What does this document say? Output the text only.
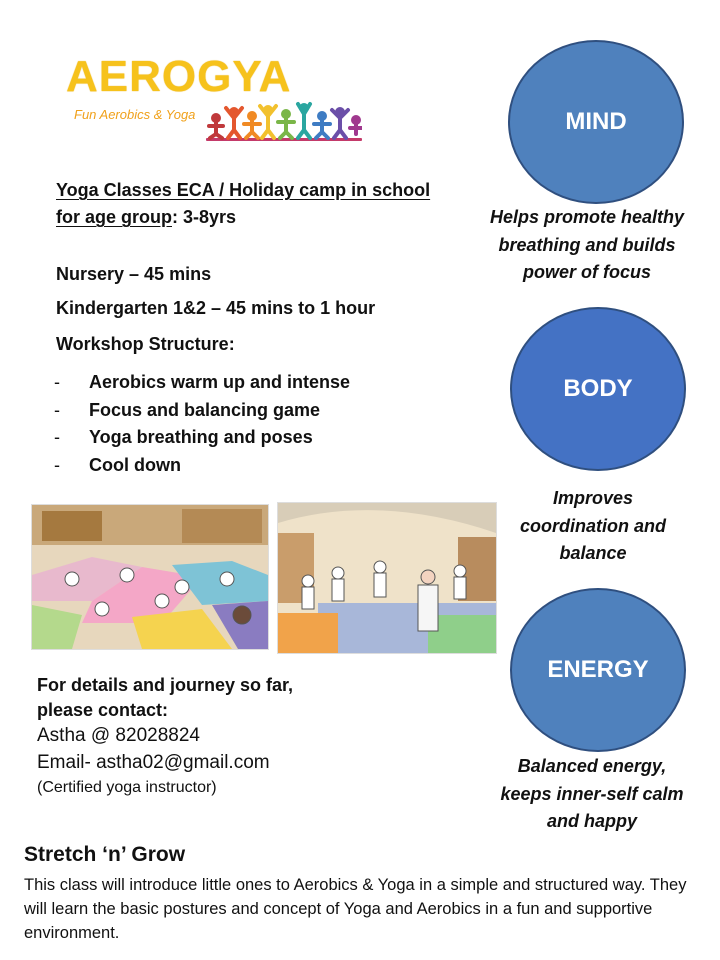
AEROGYA
Fun Aerobics & Yoga
Yoga Classes ECA / Holiday camp in school
for age group: 3-8yrs
Nursery – 45 mins
Kindergarten 1&2 – 45 mins to 1 hour
Workshop Structure:
-	Aerobics warm up and intense
-	Focus and balancing game
-	Yoga breathing and poses
-	Cool down
For details and journey so far,
please contact:
Astha @ 82028824
Email- astha02@gmail.com
(Certified yoga instructor)
Stretch ‘n’ Grow
This class will introduce little ones to Aerobics & Yoga in a simple and structured way. They will learn the basic postures and concept of Yoga and Aerobics in a fun and supportive environment.
MIND
Helps promote healthy
breathing and builds
power of focus
BODY
Improves
coordination and
balance
ENERGY
Balanced energy,
keeps inner-self calm
and happy
